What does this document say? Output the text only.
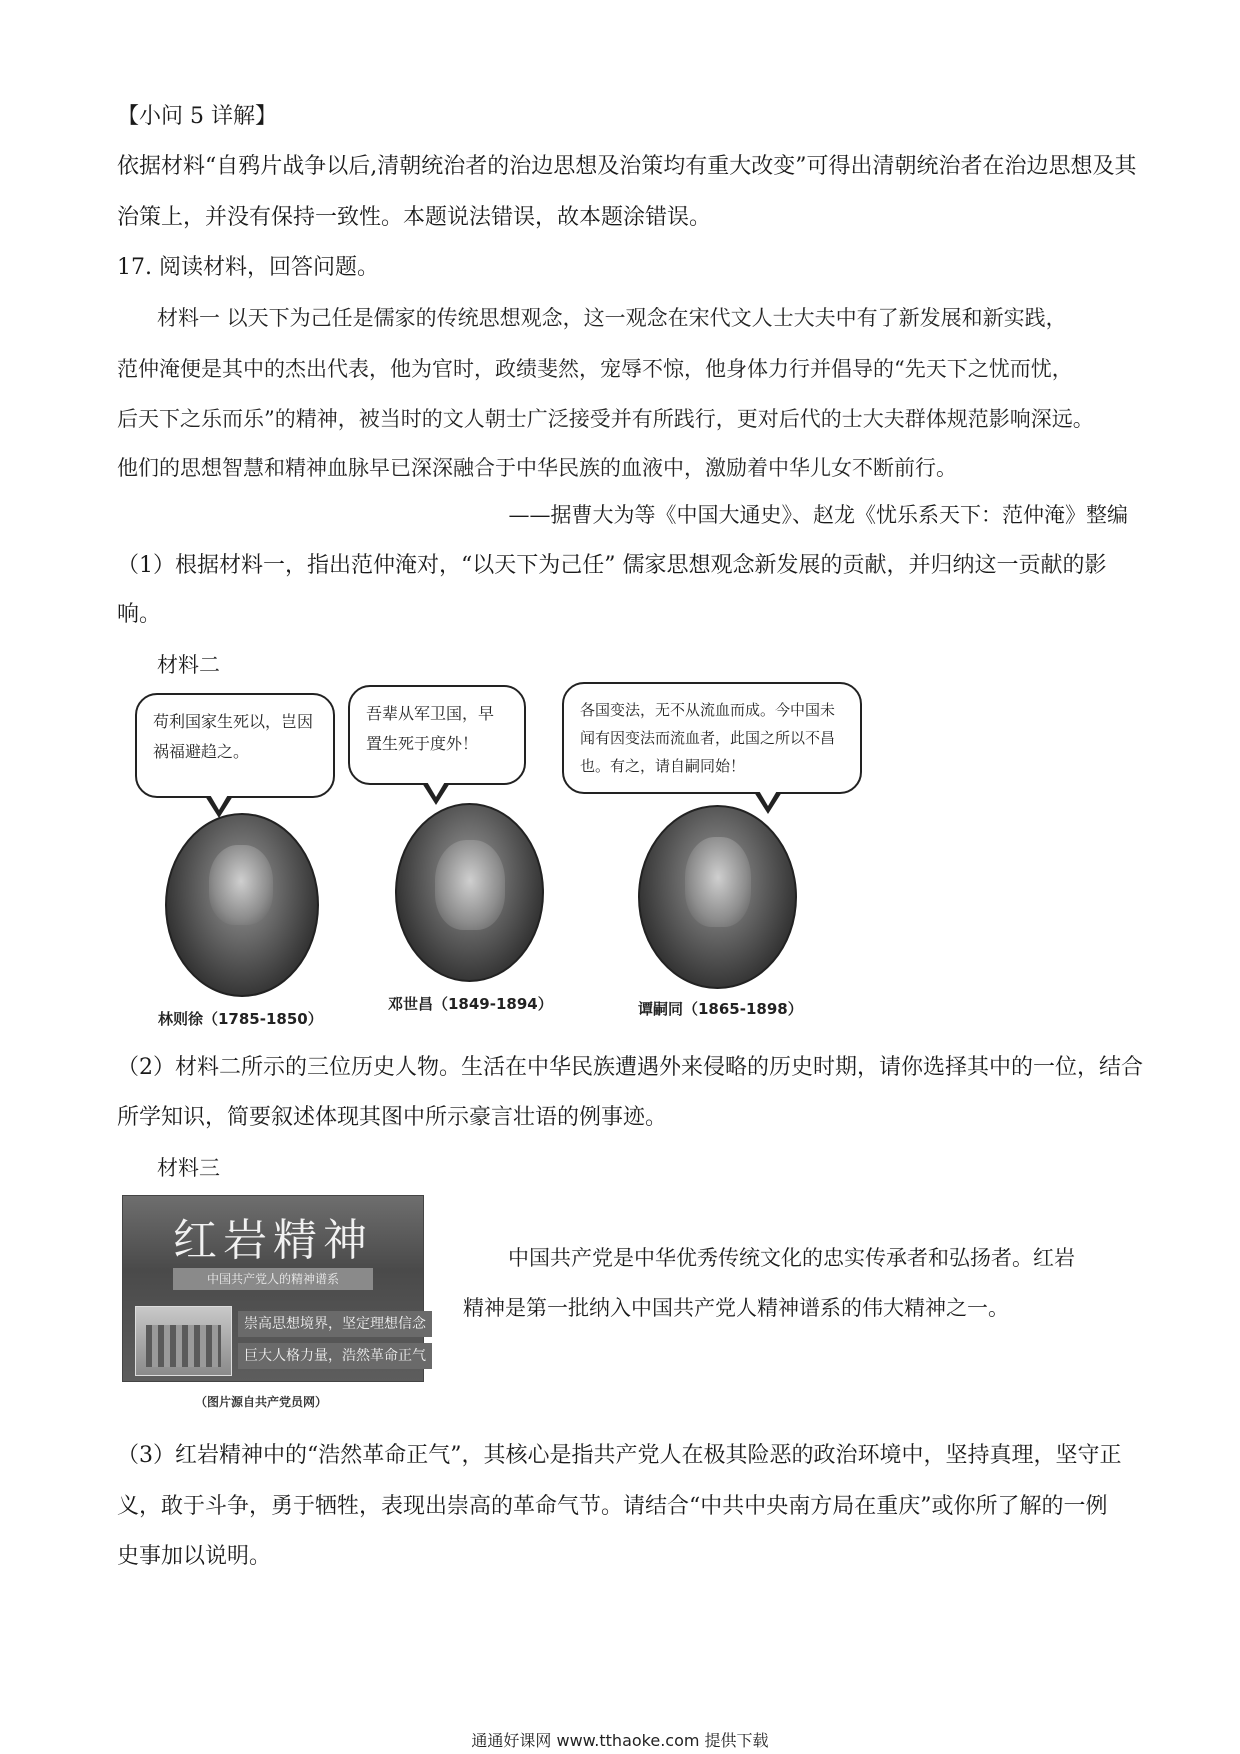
【小问 5 详解】
依据材料“自鸦片战争以后,清朝统治者的治边思想及治策均有重大改变”可得出清朝统治者在治边思想及其
治策上，并没有保持一致性。本题说法错误，故本题涂错误。
17. 阅读材料，回答问题。
材料一 以天下为己任是儒家的传统思想观念，这一观念在宋代文人士大夫中有了新发展和新实践，
范仲淹便是其中的杰出代表，他为官时，政绩斐然，宠辱不惊，他身体力行并倡导的“先天下之忧而忧，
后天下之乐而乐”的精神，被当时的文人朝士广泛接受并有所践行，更对后代的士大夫群体规范影响深远。
他们的思想智慧和精神血脉早已深深融合于中华民族的血液中，激励着中华儿女不断前行。
——据曹大为等《中国大通史》、赵龙《忧乐系天下：范仲淹》整编
（1）根据材料一，指出范仲淹对，“以天下为己任” 儒家思想观念新发展的贡献，并归纳这一贡献的影
响。
材料二
苟利国家生死以，岂因祸福避趋之。
吾辈从军卫国，早置生死于度外！
各国变法，无不从流血而成。今中国未闻有因变法而流血者，此国之所以不昌也。有之，请自嗣同始！
林则徐（1785-1850）
邓世昌（1849-1894）	谭嗣同（1865-1898）
（2）材料二所示的三位历史人物。生活在中华民族遭遇外来侵略的历史时期，请你选择其中的一位，结合
所学知识，简要叙述体现其图中所示豪言壮语的例事迹。
材料三
红岩精神
中国共产党人的精神谱系
崇高思想境界，坚定理想信念
巨大人格力量，浩然革命正气
（图片源自共产党员网）
中国共产党是中华优秀传统文化的忠实传承者和弘扬者。红岩
精神是第一批纳入中国共产党人精神谱系的伟大精神之一。
（3）红岩精神中的“浩然革命正气”，其核心是指共产党人在极其险恶的政治环境中，坚持真理，坚守正
义，敢于斗争，勇于牺牲，表现出崇高的革命气节。请结合“中共中央南方局在重庆”或你所了解的一例
史事加以说明。
通通好课网 www.tthaoke.com 提供下载
